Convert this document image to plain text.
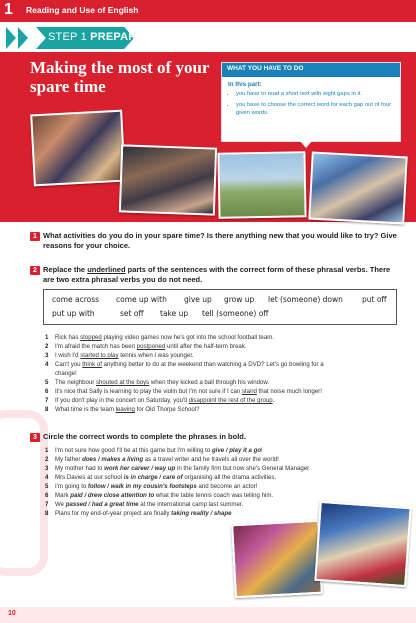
1 Reading and Use of English
STEP 1 PREPARE
Making the most of your spare time
WHAT YOU HAVE TO DO
In this part:
• you have to read a short text with eight gaps in it.
• you have to choose the correct word for each gap out of four given words.
1 What activities do you do in your spare time? Is there anything new that you would like to try? Give reasons for your choice.
2 Replace the underlined parts of the sentences with the correct form of these phrasal verbs. There are two extra phrasal verbs you do not need.
come across come up with give up grow up let (someone) down	put off
put up with	set off take up tell (someone) off
1 Rick has stopped playing video games now he's got into the school football team.
2 I'm afraid the match has been postponed until after the half-term break.
3 I wish I'd started to play tennis when I was younger.
4 Can't you think of anything better to do at the weekend than watching a DVD? Let's go bowling for a
change!
5 The neighbour shouted at the boys when they kicked a ball through his window.
6 It's nice that Sally is learning to play the violin but I'm not sure if I can stand that noise much longer!
7 If you don't play in the concert on Saturday, you'll disappoint the rest of the group.
8 What time is the team leaving for Old Thorpe School?
3 Circle the correct words to complete the phrases in bold.
1 I'm not sure how good I'll be at this game but I'm willing to give / play it a go!
2 My father does / makes a living as a travel writer and he travels all over the world!
3 My mother had to work her career / way up in the family firm but now she's General Manager.
4 Mrs Davies at our school is in charge / care of organising all the drama activities.
5 I'm going to follow / walk in my cousin's footsteps and become an actor!
6 Mark paid / drew close attention to what the table tennis coach was telling him.
7 We passed / had a great time at the international camp last summer.
8 Plans for my end-of-year project are finally taking reality / shape
10
